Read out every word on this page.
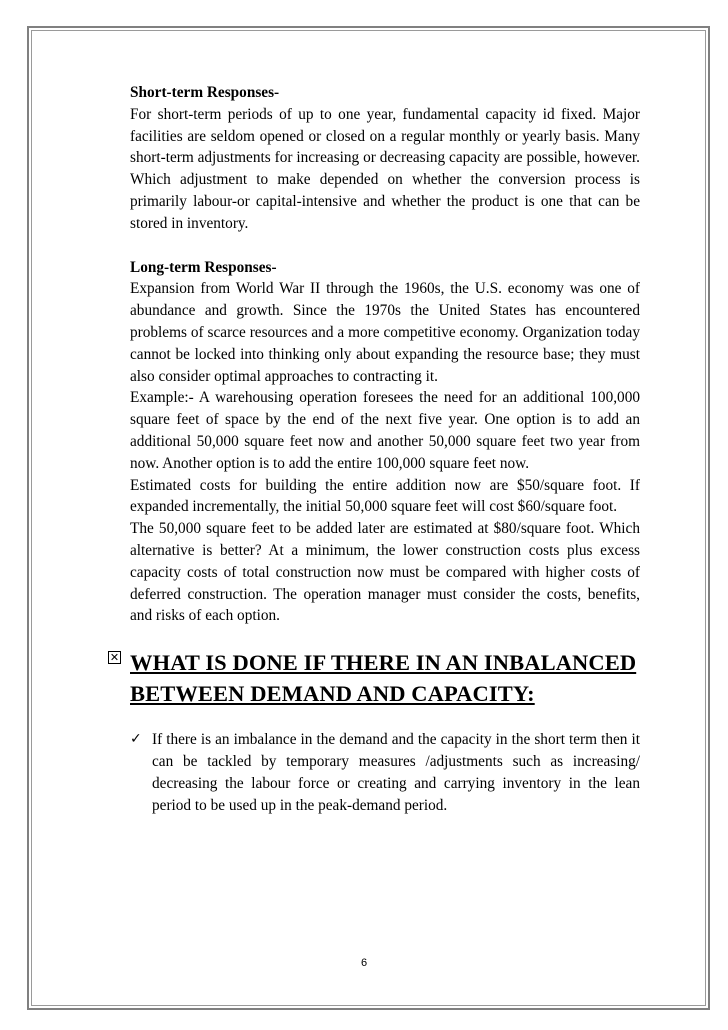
Short-term Responses-

For short-term periods of up to one year, fundamental capacity id fixed. Major facilities are seldom opened or closed on a regular monthly or yearly basis. Many short-term adjustments for increasing or decreasing capacity are possible, however. Which adjustment to make depended on whether the conversion process is primarily labour-or capital-intensive and whether the product is one that can be stored in inventory.

Long-term Responses-

Expansion from World War II through the 1960s, the U.S. economy was one of abundance and growth. Since the 1970s the United States has encountered problems of scarce resources and a more competitive economy. Organization today cannot be locked into thinking only about expanding the resource base; they must also consider optimal approaches to contracting it.

Example:- A warehousing operation foresees the need for an additional 100,000 square feet of space by the end of the next five year. One option is to add an additional 50,000 square feet now and another 50,000 square feet two year from now. Another option is to add the entire 100,000 square feet now.

Estimated costs for building the entire addition now are $50/square foot. If expanded incrementally, the initial 50,000 square feet will cost $60/square foot.

The 50,000 square feet to be added later are estimated at $80/square foot. Which alternative is better? At a minimum, the lower construction costs plus excess capacity costs of total construction now must be compared with higher costs of deferred construction. The operation manager must consider the costs, benefits, and risks of each option.

✕ WHAT IS DONE IF THERE IN AN INBALANCED
BETWEEN DEMAND AND CAPACITY:
✓ If there is an imbalance in the demand and the capacity in the short term then it can be tackled by temporary measures /adjustments such as increasing/ decreasing the labour force or creating and carrying inventory in the lean period to be used up in the peak-demand period.

6
